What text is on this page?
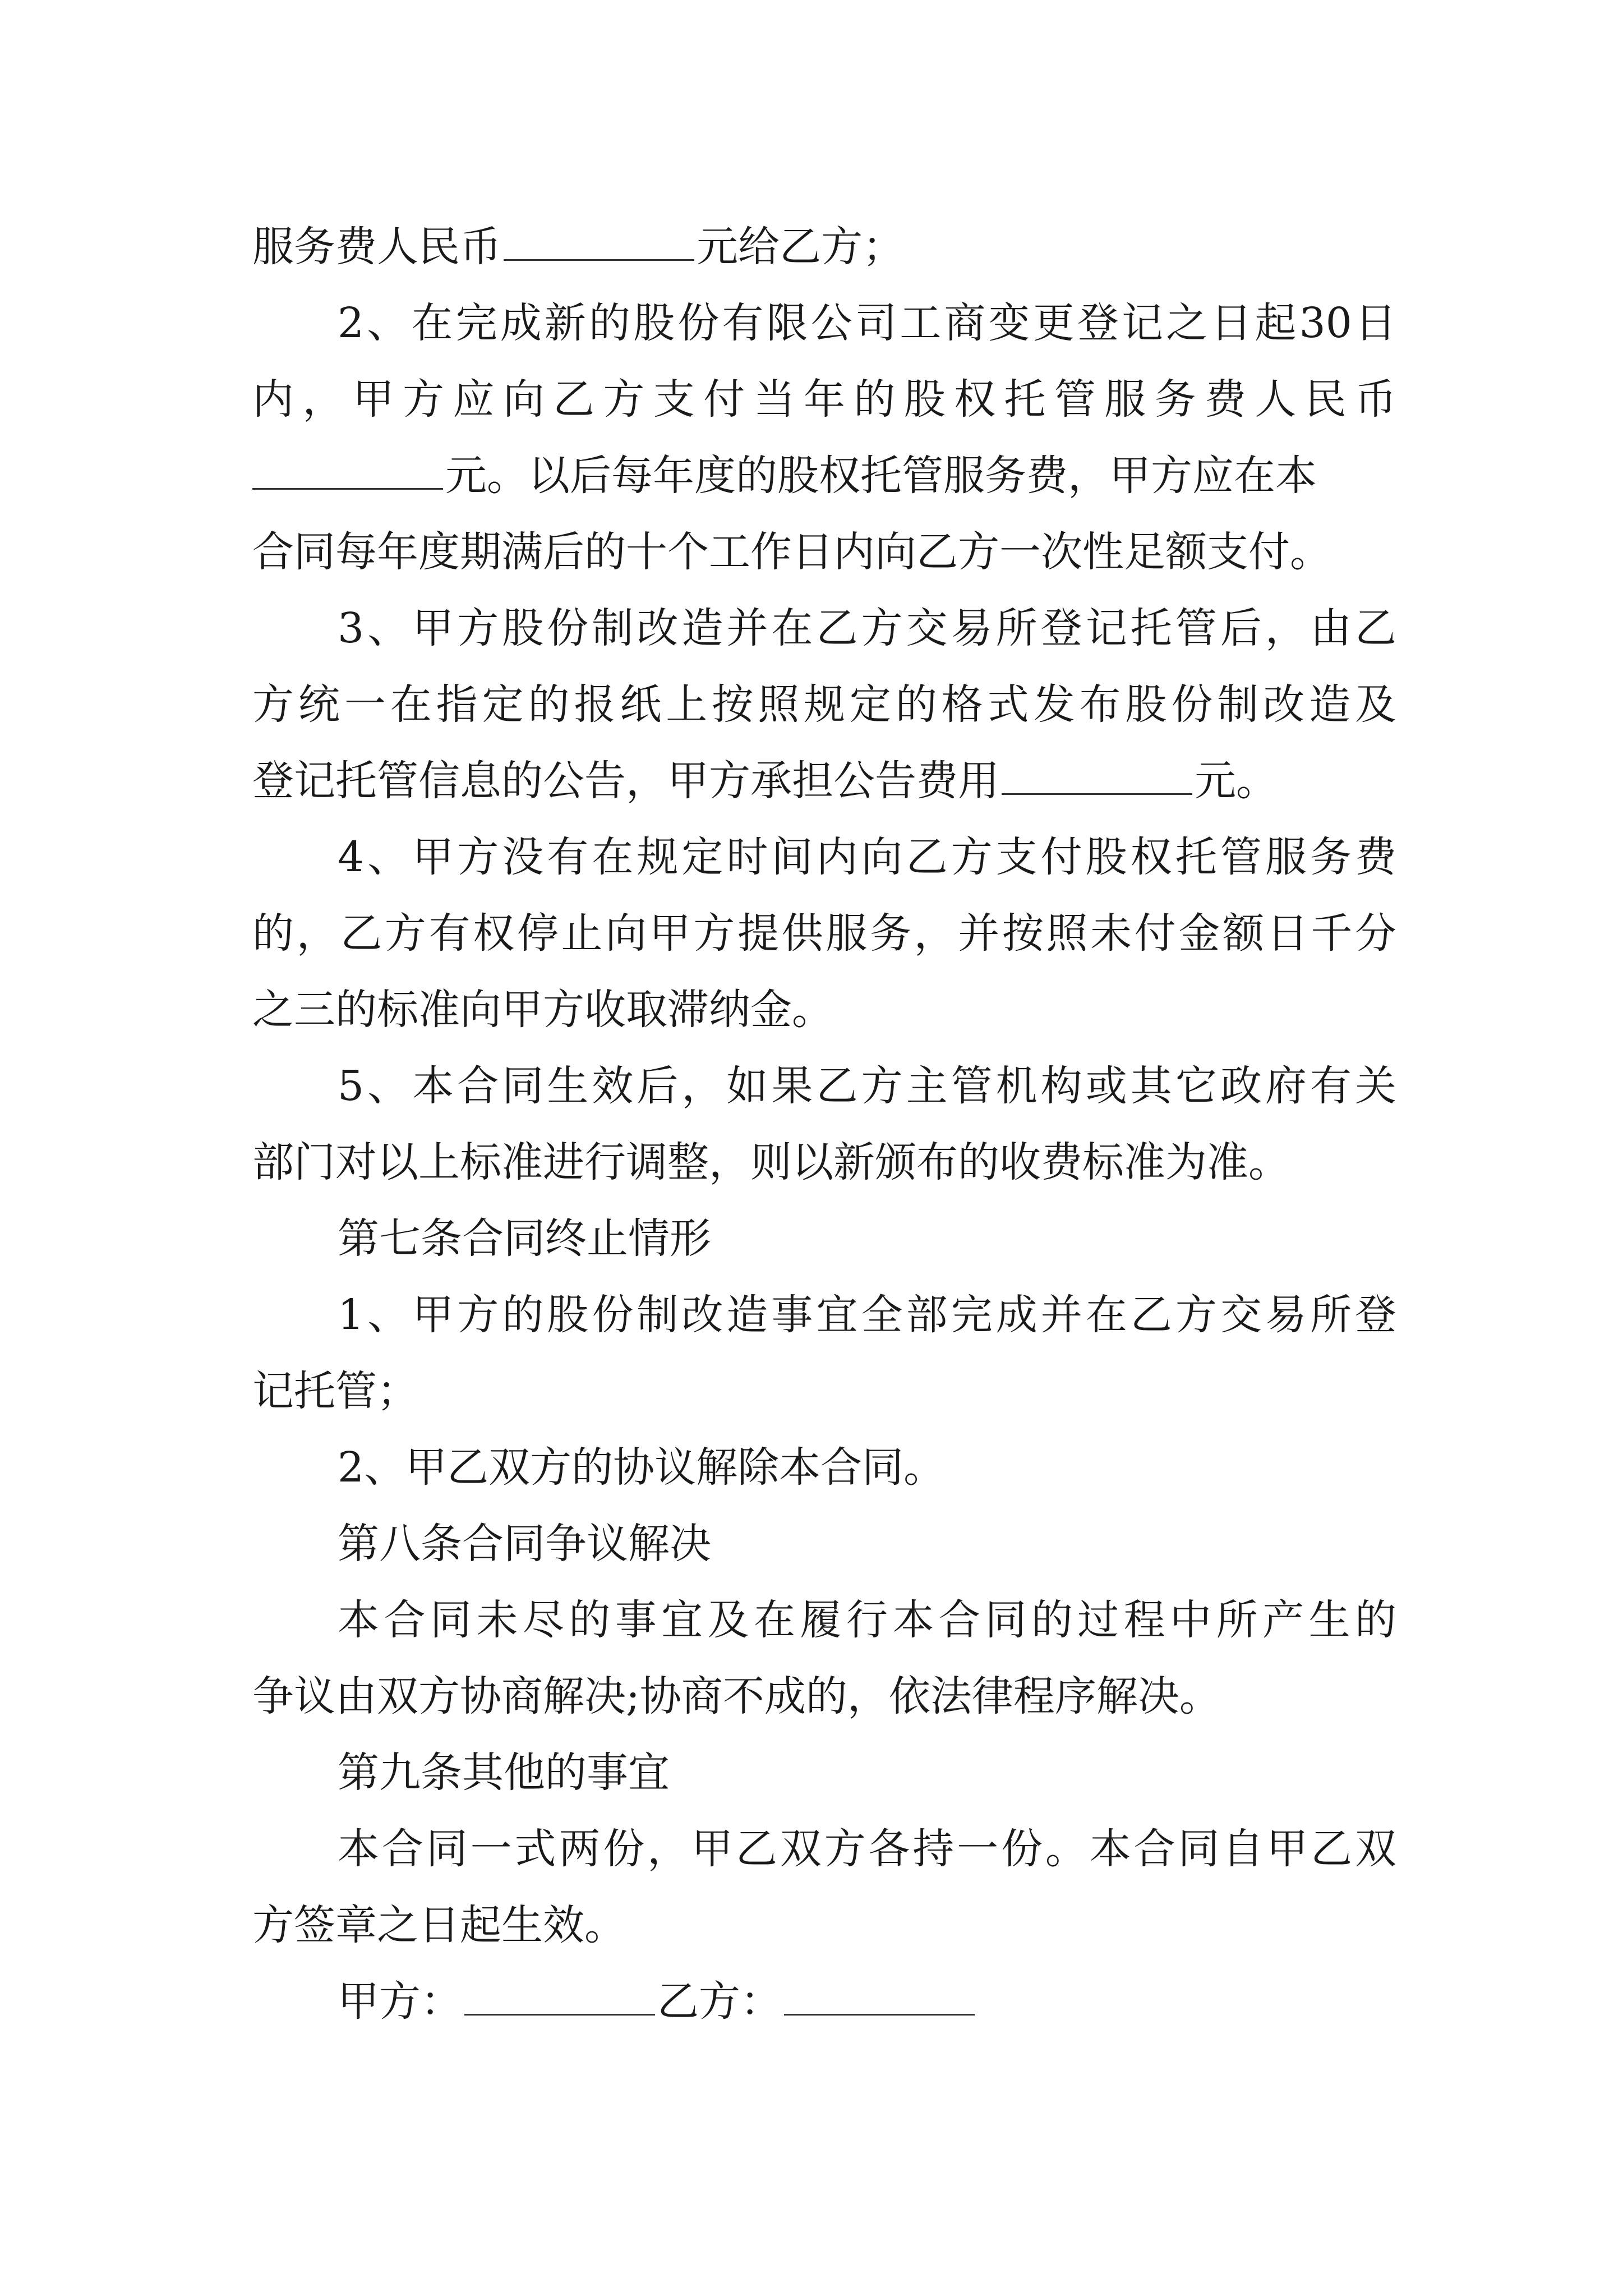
服务费人民币	元给乙方；
2、在完成新的股份有限公司工商变更登记之日起30日
内，甲方应向乙方支付当年的股权托管服务费人民币
元。以后每年度的股权托管服务费，甲方应在本
合同每年度期满后的十个工作日内向乙方一次性足额支付。
3、甲方股份制改造并在乙方交易所登记托管后，由乙
方统一在指定的报纸上按照规定的格式发布股份制改造及
登记托管信息的公告，甲方承担公告费用	元。
4、甲方没有在规定时间内向乙方支付股权托管服务费
的，乙方有权停止向甲方提供服务，并按照未付金额日千分
之三的标准向甲方收取滞纳金。
5、本合同生效后，如果乙方主管机构或其它政府有关
部门对以上标准进行调整，则以新颁布的收费标准为准。
第七条合同终止情形
1、甲方的股份制改造事宜全部完成并在乙方交易所登
记托管；
2、甲乙双方的协议解除本合同。
第八条合同争议解决
本合同未尽的事宜及在履行本合同的过程中所产生的
争议由双方协商解决;协商不成的，依法律程序解决。
第九条其他的事宜
本合同一式两份，甲乙双方各持一份。本合同自甲乙双
方签章之日起生效。
甲方：	乙方：
